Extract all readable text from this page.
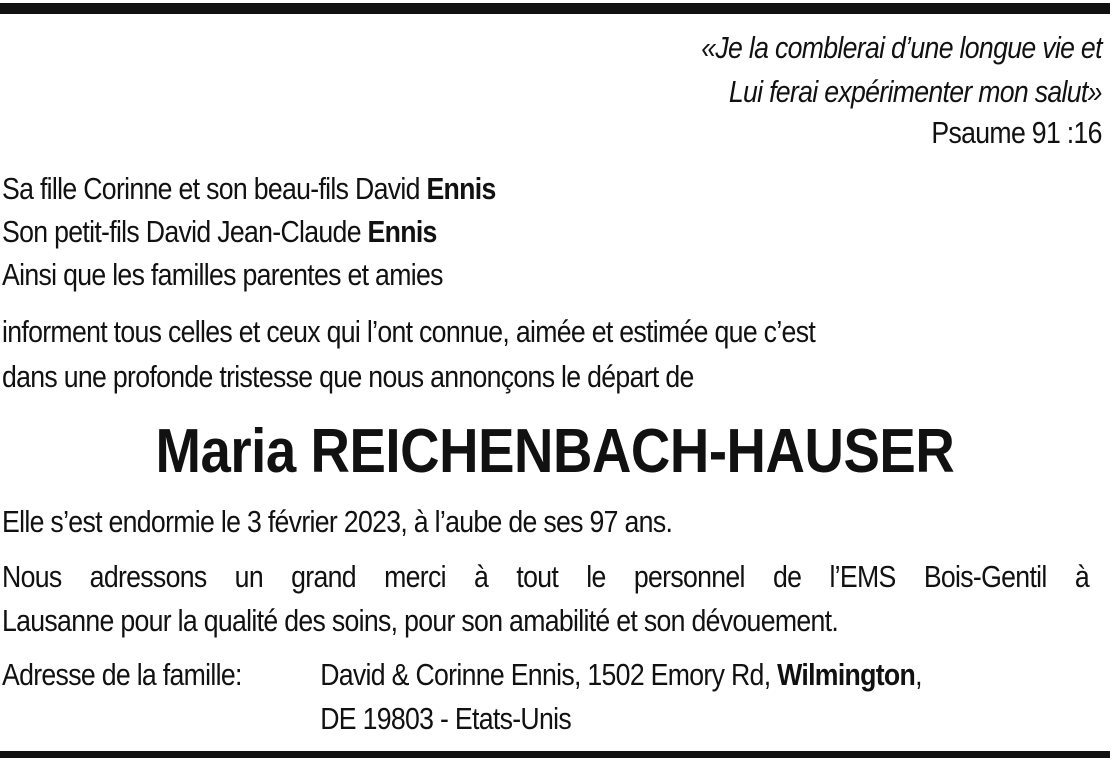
«Je la comblerai d’une longue vie et
Lui ferai expérimenter mon salut»
Psaume 91 :16
Sa fille Corinne et son beau-fils David Ennis
Son petit-fils David Jean-Claude Ennis
Ainsi que les familles parentes et amies
informent tous celles et ceux qui l’ont connue, aimée et estimée que c’est
dans une profonde tristesse que nous annonçons le départ de
Maria REICHENBACH-HAUSER
Elle s’est endormie le 3 février 2023, à l’aube de ses 97 ans.
Nous adressons un grand merci à tout le personnel de l’EMS Bois-Gentil à
Lausanne pour la qualité des soins, pour son amabilité et son dévouement.
Adresse de la famille:	David & Corinne Ennis, 1502 Emory Rd, Wilmington,
DE 19803 - Etats-Unis
